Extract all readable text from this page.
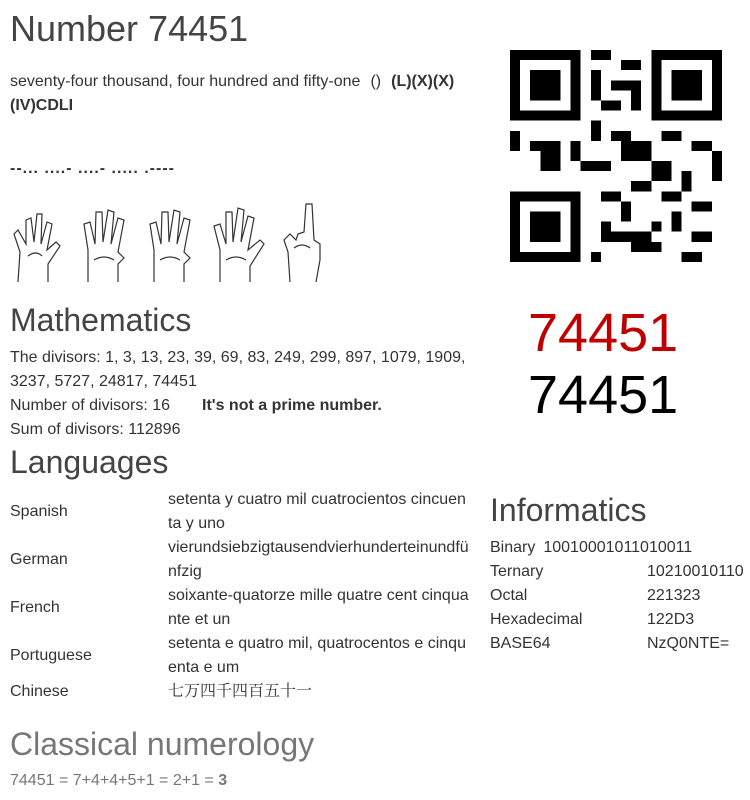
Number 74451
seventy-four thousand, four hundred and fifty-one () (L)(X)(X)(IV)CDLI
--... ....- ....- ..... .----
74451
74451
Mathematics
The divisors: 1, 3, 13, 23, 39, 69, 83, 249, 299, 897, 1079, 1909, 3237, 5727, 24817, 74451
Number of divisors: 16 It's not a prime number.
Sum of divisors: 112896
Languages
Spanish
setenta y cuatro mil cuatrocientos cincuenta y uno
German
vierundsiebzigtausendvierhunderteinundfünfzig
French
soixante-quatorze mille quatre cent cinquante et un
Portuguese
setenta e quatro mil, quatrocentos e cinquenta e um
Chinese	七万四千四百五十一
Informatics
Binary 10010001011010011
Ternary	10210010110
Octal	221323
Hexadecimal	122D3
BASE64	NzQ0NTE=
Classical numerology
74451 = 7+4+4+5+1 = 2+1 = 3
